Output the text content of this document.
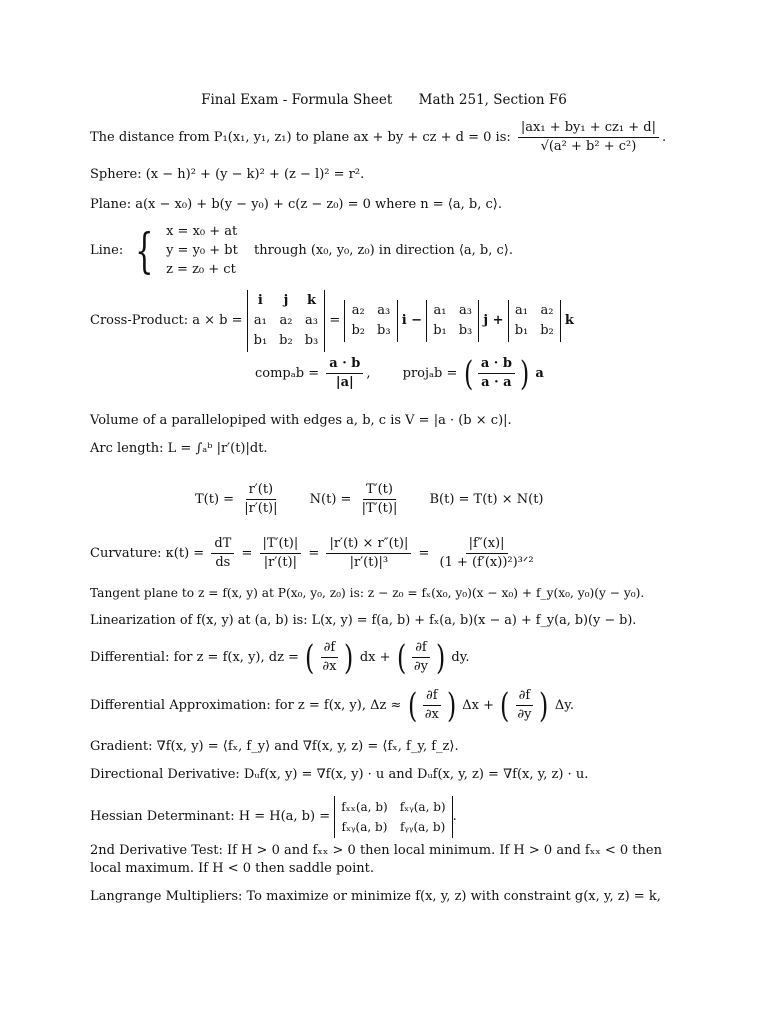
Final Exam - Formula Sheet Math 251, Section F6
The distance from P₁(x₁, y₁, z₁) to plane ax + by + cz + d = 0 is: $\frac{\text{|ax₁ + by₁ + cz₁ + d|}}{\text{√(a² + b² + c²)}}$ .
Sphere: (x − h)² + (y − k)² + (z − l)² = r².
Plane: a(x − x₀) + b(y − y₀) + c(z − z₀) = 0 where n = ⟨a, b, c⟩.
Line: { x = x₀ + at
y = y₀ + bt
z = z₀ + ct
through (x₀, y₀, z₀) in direction ⟨a, b, c⟩.
Cross-Product: a × b =
i	j	k
a₁ a₂ a₃
b₁ b₂ b₃
=
a₂ a₃
b₂ b₃
i −
a₁ a₃
b₁ b₃
j +
a₁ a₂
b₁ b₂
k
compₐb = $\frac{a \cdot b}{|a|}$ , projₐb = ( $\frac{a \cdot b}{a \cdot a}$ ) a
Volume of a parallelopiped with edges a, b, c is V = |a · (b × c)|.
Arc length: L = ∫ₐᵇ |r′(t)|dt.
$T(t) = \frac{r'(t)}{|r'(t)|} N(t) = \frac{T'(t)}{|T'(t)|} B(t) = T(t) \times N(t)$
Curvature: $\kappa(t) = \frac{dT}{ds} = \frac{|T'(t)|}{|r'(t)|} = \frac{|r'(t) \times r''(t)|}{\text{|r′(t)|³}} = \frac{|f''(x)|}{\text{(1 + (f′(x))²)³ᐟ²}}$
Tangent plane to z = f(x, y) at P(x₀, y₀, z₀) is: z − z₀ = fₓ(x₀, y₀)(x − x₀) + f_y(x₀, y₀)(y − y₀).
Linearization of f(x, y) at (a, b) is: L(x, y) = f(a, b) + fₓ(a, b)(x − a) + f_y(a, b)(y − b).
Differential: for z = f(x, y), dz = ( $\frac{\partial f}{\partial x}$ ) dx + ( $\frac{\partial f}{\partial y}$ ) dy.
Differential Approximation: for z = f(x, y), Δz ≈ ( $\frac{\partial f}{\partial x}$ ) Δx + ( $\frac{\partial f}{\partial y}$ ) Δy.
Gradient: ∇f(x, y) = ⟨fₓ, f_y⟩ and ∇f(x, y, z) = ⟨fₓ, f_y, f_z⟩.
Directional Derivative: Dᵤf(x, y) = ∇f(x, y) · u and Dᵤf(x, y, z) = ∇f(x, y, z) · u.
Hessian Determinant: H = H(a, b) =
fₓₓ(a, b) fₓᵧ(a, b)
fₓᵧ(a, b) fᵧᵧ(a, b)
.
2nd Derivative Test: If H > 0 and fₓₓ > 0 then local minimum. If H > 0 and fₓₓ < 0 then local maximum. If H < 0 then saddle point.
Langrange Multipliers: To maximize or minimize f(x, y, z) with constraint g(x, y, z) = k,
